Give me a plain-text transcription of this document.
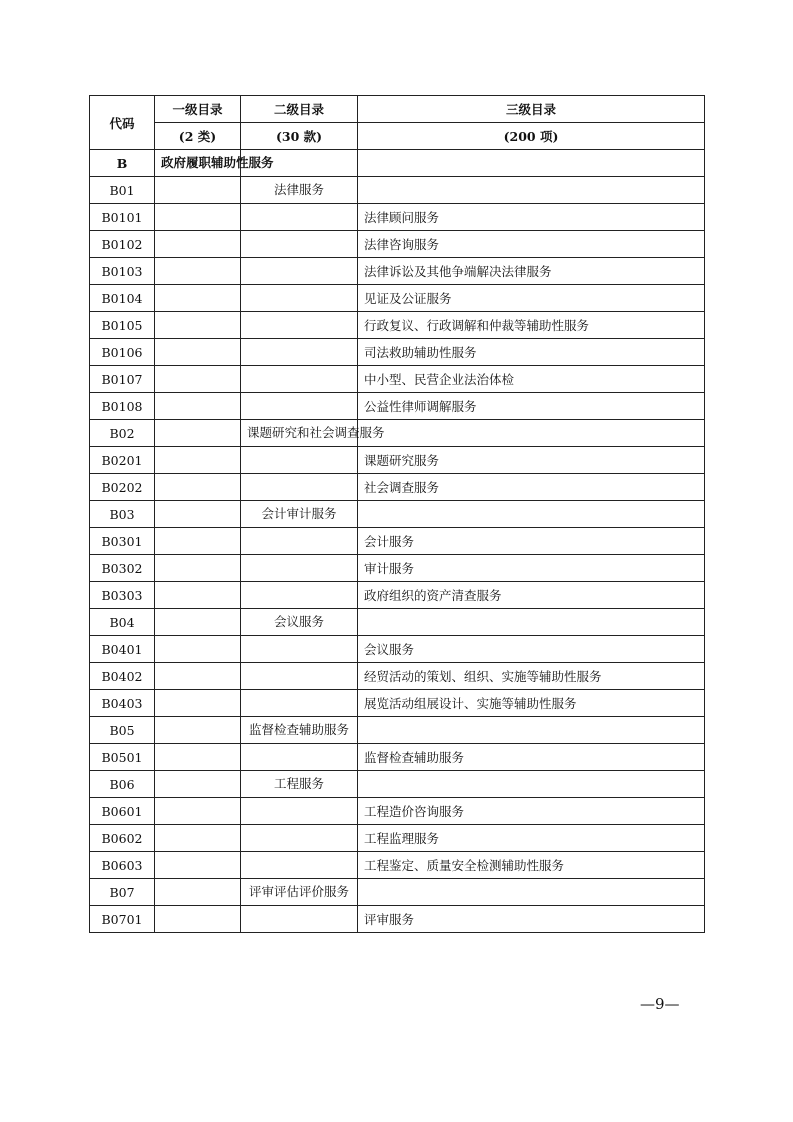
代码	一级目录	二级目录	三级目录
	(2 类)	(30 款)	(200 项)
B	政府履职辅助性服务		
B01		法律服务	
B0101			法律顾问服务
B0102			法律咨询服务
B0103			法律诉讼及其他争端解决法律服务
B0104			见证及公证服务
B0105			行政复议、行政调解和仲裁等辅助性服务
B0106			司法救助辅助性服务
B0107			中小型、民营企业法治体检
B0108			公益性律师调解服务
B02		课题研究和社会调查服务	
B0201			课题研究服务
B0202			社会调查服务
B03		会计审计服务	
B0301			会计服务
B0302			审计服务
B0303			政府组织的资产清查服务
B04		会议服务	
B0401			会议服务
B0402			经贸活动的策划、组织、实施等辅助性服务
B0403			展览活动组展设计、实施等辅助性服务
B05		监督检查辅助服务	
B0501			监督检查辅助服务
B06		工程服务	
B0601			工程造价咨询服务
B0602			工程监理服务
B0603			工程鉴定、质量安全检测辅助性服务
B07		评审评估评价服务	
B0701			评审服务
—9—
